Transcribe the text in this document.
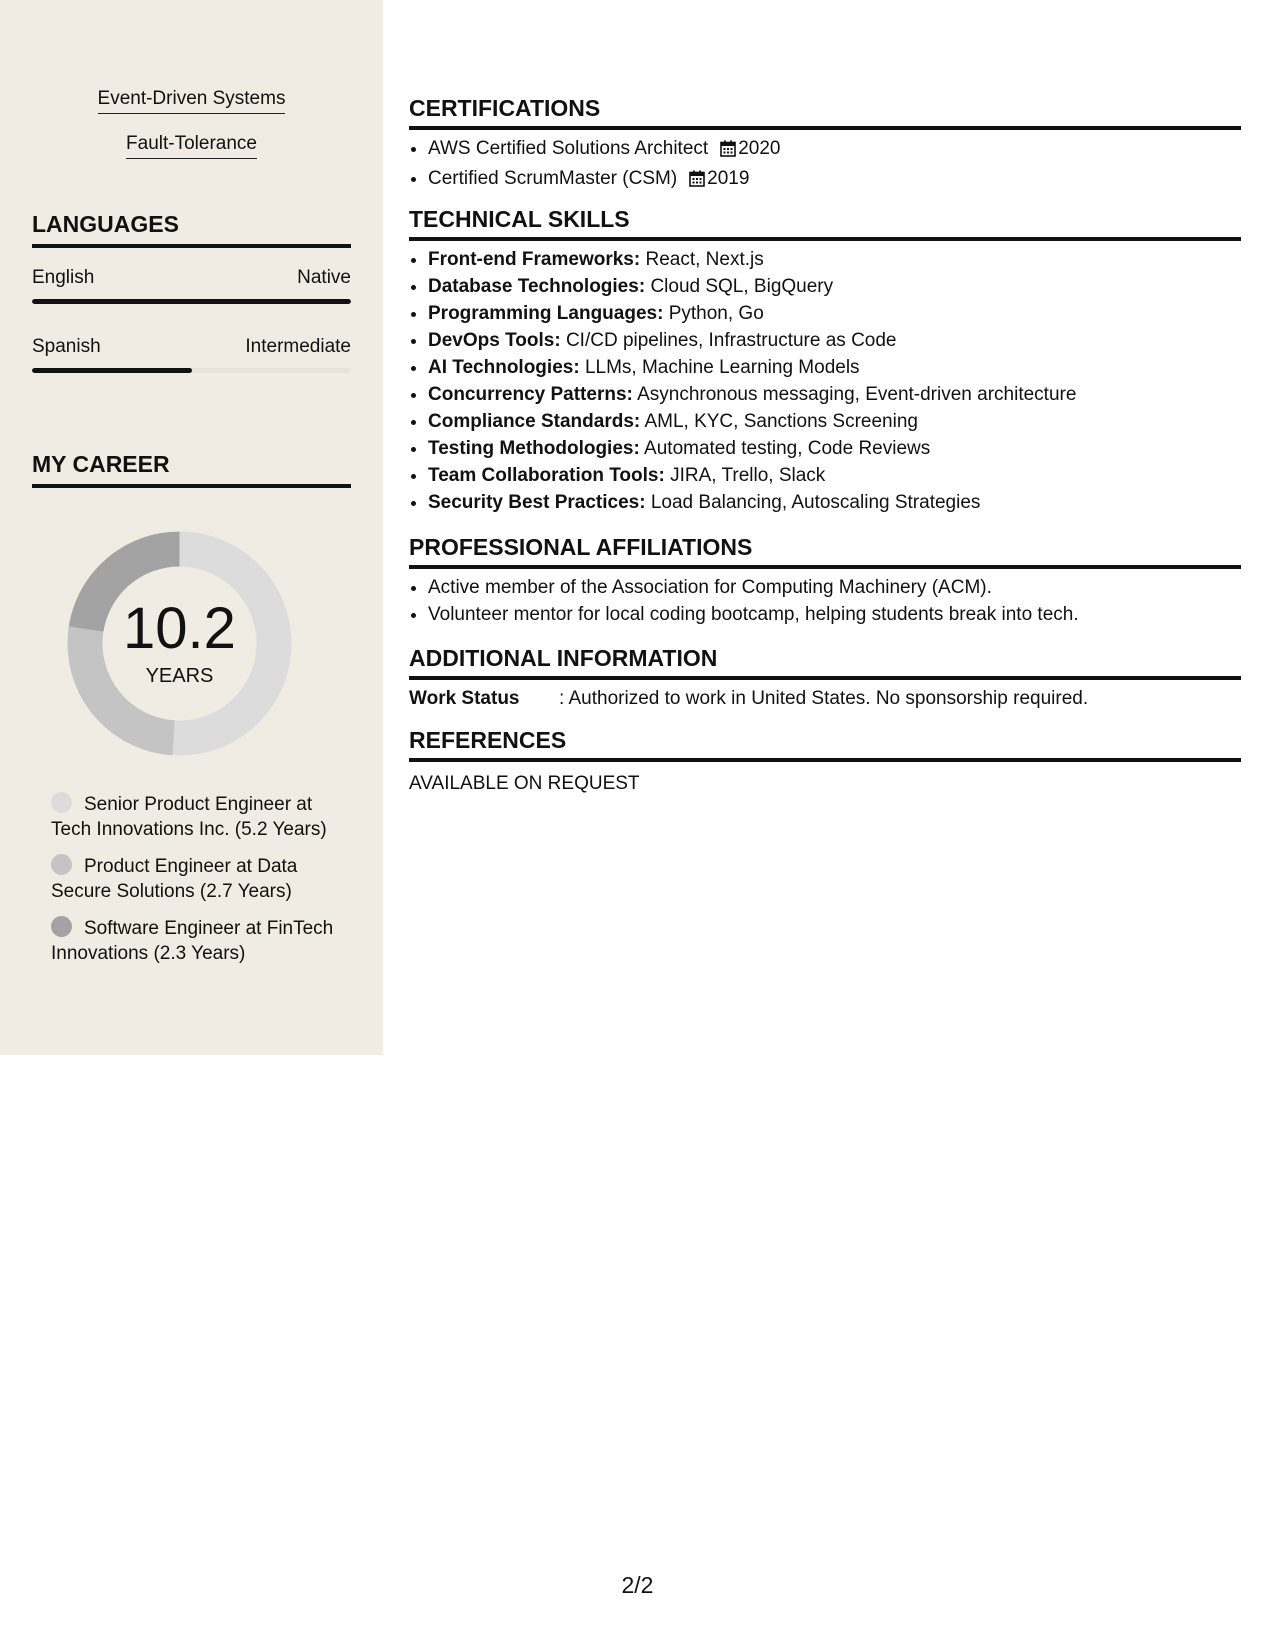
Event-Driven Systems
Fault-Tolerance
LANGUAGES
English	Native
Spanish	Intermediate
MY CAREER
10.2
YEARS
Senior Product Engineer at Tech Innovations Inc. (5.2 Years)
Product Engineer at Data Secure Solutions (2.7 Years)
Software Engineer at FinTech Innovations (2.3 Years)
CERTIFICATIONS
• AWS Certified Solutions Architect 2020
• Certified ScrumMaster (CSM) 2019
TECHNICAL SKILLS
• Front-end Frameworks: React, Next.js
• Database Technologies: Cloud SQL, BigQuery
• Programming Languages: Python, Go
• DevOps Tools: CI/CD pipelines, Infrastructure as Code
• AI Technologies: LLMs, Machine Learning Models
• Concurrency Patterns: Asynchronous messaging, Event-driven architecture
• Compliance Standards: AML, KYC, Sanctions Screening
• Testing Methodologies: Automated testing, Code Reviews
• Team Collaboration Tools: JIRA, Trello, Slack
• Security Best Practices: Load Balancing, Autoscaling Strategies
PROFESSIONAL AFFILIATIONS
• Active member of the Association for Computing Machinery (ACM).
• Volunteer mentor for local coding bootcamp, helping students break into tech.
ADDITIONAL INFORMATION
Work Status : Authorized to work in United States. No sponsorship required.
REFERENCES
AVAILABLE ON REQUEST
2/2
